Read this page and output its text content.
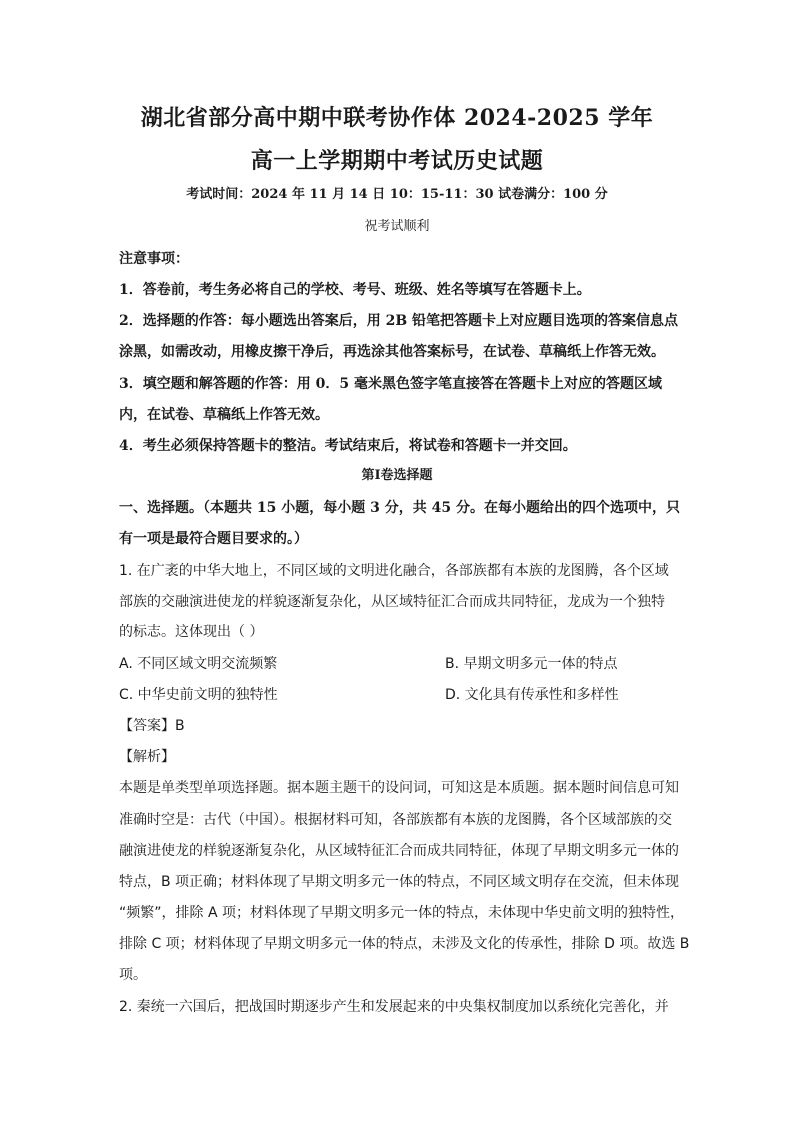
湖北省部分高中期中联考协作体 2024-2025 学年
高一上学期期中考试历史试题
考试时间：2024 年 11 月 14 日 10：15-11：30 试卷满分：100 分
祝考试顺利
注意事项：
1．答卷前，考生务必将自己的学校、考号、班级、姓名等填写在答题卡上。
2．选择题的作答：每小题选出答案后，用 2B 铅笔把答题卡上对应题目选项的答案信息点
涂黑，如需改动，用橡皮擦干净后，再选涂其他答案标号，在试卷、草稿纸上作答无效。
3．填空题和解答题的作答：用 0．5 毫米黑色签字笔直接答在答题卡上对应的答题区域
内，在试卷、草稿纸上作答无效。
4．考生必须保持答题卡的整洁。考试结束后，将试卷和答题卡一并交回。
第Ⅰ卷选择题
一、选择题。（本题共 15 小题，每小题 3 分，共 45 分。在每小题给出的四个选项中，只
有一项是最符合题目要求的。）
1. 在广袤的中华大地上，不同区域的文明进化融合，各部族都有本族的龙图腾，各个区域
部族的交融演进使龙的样貌逐渐复杂化，从区域特征汇合而成共同特征，龙成为一个独特
的标志。这体现出（ ）
A. 不同区域文明交流频繁	B. 早期文明多元一体的特点
C. 中华史前文明的独特性	D. 文化具有传承性和多样性
【答案】B
【解析】
本题是单类型单项选择题。据本题主题干的设问词，可知这是本质题。据本题时间信息可知
准确时空是：古代（中国）。根据材料可知，各部族都有本族的龙图腾，各个区域部族的交
融演进使龙的样貌逐渐复杂化，从区域特征汇合而成共同特征，体现了早期文明多元一体的
特点，B 项正确；材料体现了早期文明多元一体的特点，不同区域文明存在交流，但未体现
“频繁”，排除 A 项；材料体现了早期文明多元一体的特点，未体现中华史前文明的独特性，
排除 C 项；材料体现了早期文明多元一体的特点，未涉及文化的传承性，排除 D 项。故选 B
项。
2. 秦统一六国后，把战国时期逐步产生和发展起来的中央集权制度加以系统化完善化，并
